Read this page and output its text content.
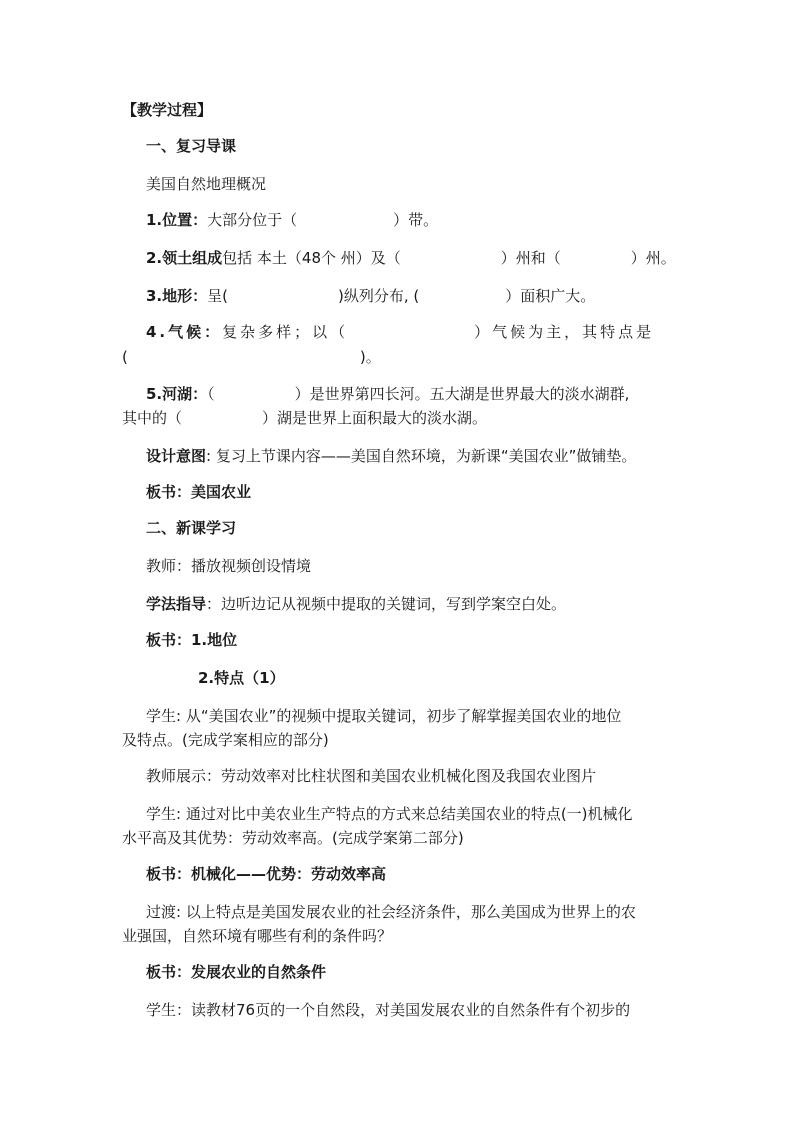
【教学过程】
一、复习导课
美国自然地理概况
1.位置：大部分位于（	）带。
2.领土组成包括 本土（48个 州）及（	）州和（	）州。
3.地形：呈(	)纵列分布, (	）面积广大。
4.气候：复杂多样；以（	）气候为主，其特点是
(	)。
5.河湖：（	）是世界第四长河。五大湖是世界最大的淡水湖群,
其中的（	）湖是世界上面积最大的淡水湖。
设计意图: 复习上节课内容——美国自然环境，为新课“美国农业”做铺垫。
板书：美国农业
二、新课学习
教师：播放视频创设情境
学法指导：边听边记从视频中提取的关键词，写到学案空白处。
板书：1.地位
2.特点（1）
学生: 从“美国农业”的视频中提取关键词，初步了解掌握美国农业的地位
及特点。(完成学案相应的部分)
教师展示：劳动效率对比柱状图和美国农业机械化图及我国农业图片
学生: 通过对比中美农业生产特点的方式来总结美国农业的特点(一)机械化
水平高及其优势：劳动效率高。(完成学案第二部分)
板书：机械化——优势：劳动效率高
过渡: 以上特点是美国发展农业的社会经济条件，那么美国成为世界上的农
业强国，自然环境有哪些有利的条件吗？
板书：发展农业的自然条件
学生：读教材76页的一个自然段，对美国发展农业的自然条件有个初步的
